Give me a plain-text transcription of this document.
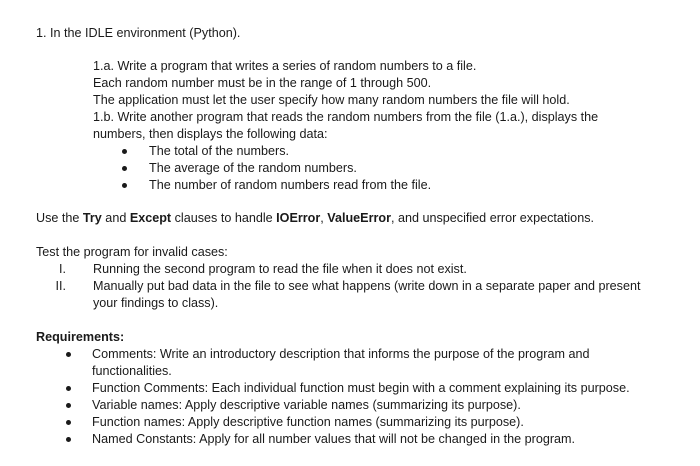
1. In the IDLE environment (Python).
1.a. Write a program that writes a series of random numbers to a file.
Each random number must be in the range of 1 through 500.
The application must let the user specify how many random numbers the file will hold.
1.b. Write another program that reads the random numbers from the file (1.a.), displays the
numbers, then displays the following data:
The total of the numbers.
The average of the random numbers.
The number of random numbers read from the file.
Use the Try and Except clauses to handle IOError, ValueError, and unspecified error expectations.
Test the program for invalid cases:
I. Running the second program to read the file when it does not exist.
II. Manually put bad data in the file to see what happens (write down in a separate paper and present
your findings to class).
Requirements:
Comments: Write an introductory description that informs the purpose of the program and
functionalities.
Function Comments: Each individual function must begin with a comment explaining its purpose.
Variable names: Apply descriptive variable names (summarizing its purpose).
Function names: Apply descriptive function names (summarizing its purpose).
Named Constants: Apply for all number values that will not be changed in the program.
